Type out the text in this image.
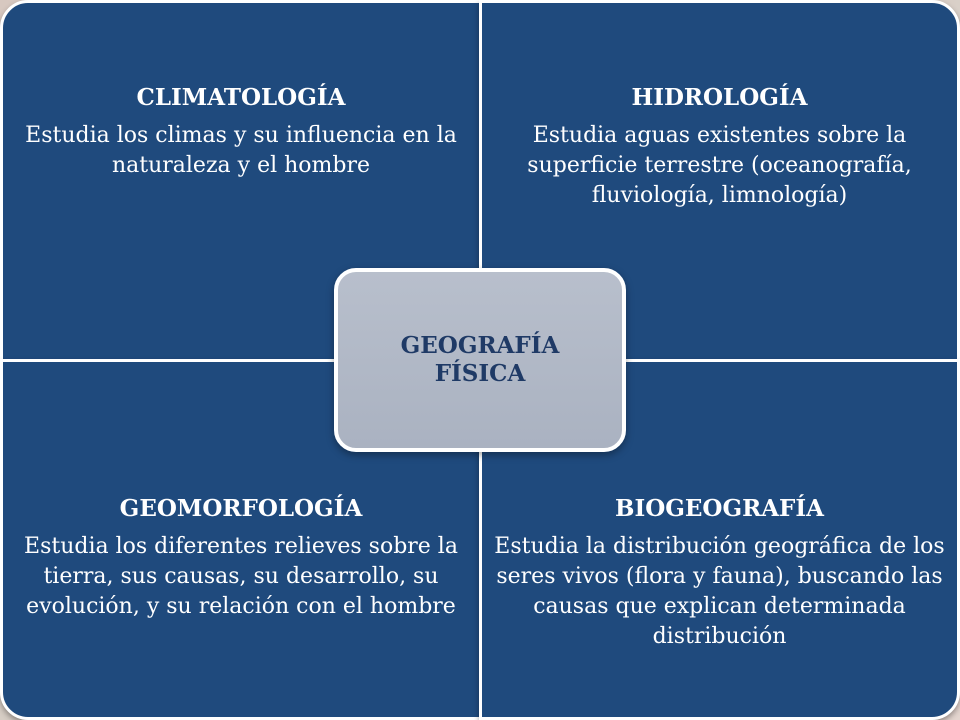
CLIMATOLOGÍA
Estudia los climas y su influencia en la naturaleza y el hombre
HIDROLOGÍA
Estudia aguas existentes sobre la superficie terrestre (oceanografía, fluviología, limnología)
GEOMORFOLOGÍA
Estudia los diferentes relieves sobre la tierra, sus causas, su desarrollo, su evolución, y su relación con el hombre
BIOGEOGRAFÍA
Estudia la distribución geográfica de los seres vivos (flora y fauna), buscando las causas que explican determinada distribución
GEOGRAFÍA FÍSICA
